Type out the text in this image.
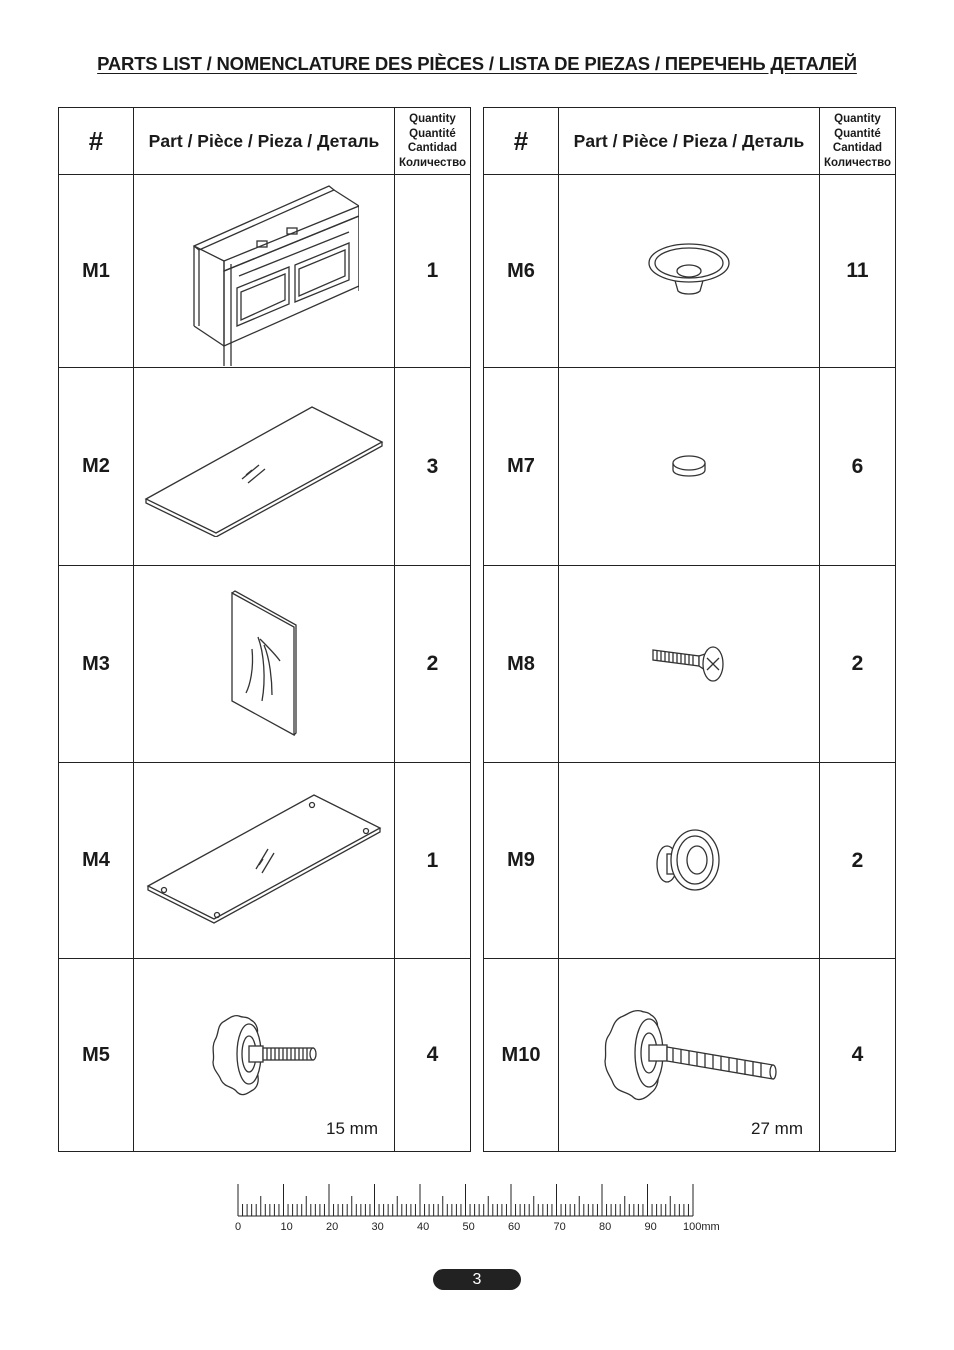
PARTS LIST / NOMENCLATURE DES PIÈCES / LISTA DE PIEZAS / ПЕРЕЧЕНЬ ДЕТАЛЕЙ
#	Part / Pièce / Pieza / Деталь	Quantity
Quantité
Cantidad
Количество

M1		1
M2		3
M3		2
M4		1
M5	15 mm	4
#	Part / Pièce / Pieza / Деталь	Quantity
Quantité
Cantidad
Количество

M6		11
M7		6
M8		2
M9		2
M10	27 mm	4
0	10	20	30	40	50	60	70	80	90 100mm
3
